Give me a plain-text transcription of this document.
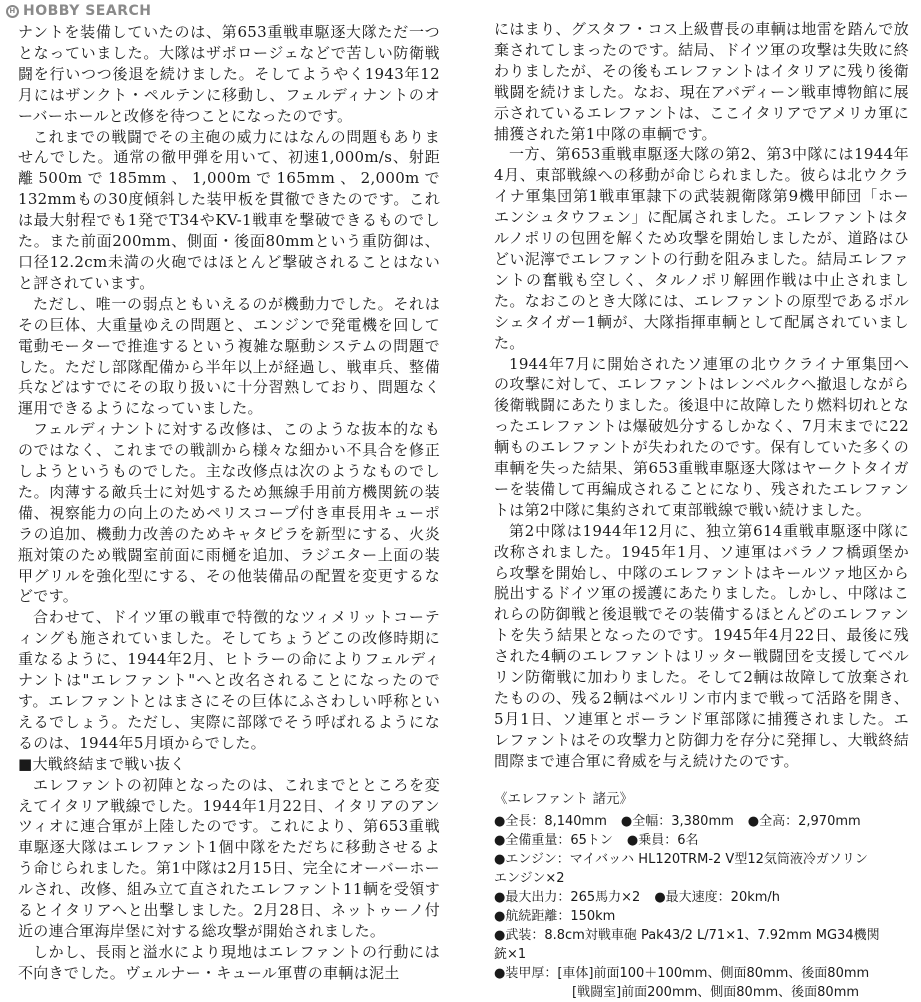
H HOBBY SEARCH

ナントを装備していたのは、第653重戦車駆逐大隊ただ一つとなっていました。大隊はザポロージェなどで苦しい防衛戦闘を行いつつ後退を続けました。そしてようやく1943年12月にはザンクト・ペルテンに移動し、フェルディナントのオーバーホールと改修を待つことになったのです。

これまでの戦闘でその主砲の威力にはなんの問題もありませんでした。通常の徹甲弾を用いて、初速1,000m/s、射距離500mで185mm、1,000mで165mm、2,000mで132mmもの30度傾斜した装甲板を貫徹できたのです。これは最大射程でも1発でT34やKV-1戦車を撃破できるものでした。また前面200mm、側面・後面80mmという重防御は、口径12.2cm未満の火砲ではほとんど撃破されることはないと評されています。

ただし、唯一の弱点ともいえるのが機動力でした。それはその巨体、大重量ゆえの問題と、エンジンで発電機を回して電動モーターで推進するという複雑な駆動システムの問題でした。ただし部隊配備から半年以上が経過し、戦車兵、整備兵などはすでにその取り扱いに十分習熟しており、問題なく運用できるようになっていました。

フェルディナントに対する改修は、このような抜本的なものではなく、これまでの戦訓から様々な細かい不具合を修正しようというものでした。主な改修点は次のようなものでした。肉薄する敵兵士に対処するため無線手用前方機関銃の装備、視察能力の向上のためペリスコープ付き車長用キューポラの追加、機動力改善のためキャタピラを新型にする、火炎瓶対策のため戦闘室前面に雨樋を追加、ラジエター上面の装甲グリルを強化型にする、その他装備品の配置を変更するなどです。

合わせて、ドイツ軍の戦車で特徴的なツィメリットコーティングも施されていました。そしてちょうどこの改修時期に重なるように、1944年2月、ヒトラーの命によりフェルディナントは"エレファント"へと改名されることになったのです。エレファントとはまさにその巨体にふさわしい呼称といえるでしょう。ただし、実際に部隊でそう呼ばれるようになるのは、1944年5月頃からでした。

■大戦終結まで戦い抜く

エレファントの初陣となったのは、これまでとところを変えてイタリア戦線でした。1944年1月22日、イタリアのアンツィオに連合軍が上陸したのです。これにより、第653重戦車駆逐大隊はエレファント1個中隊をただちに移動させるよう命じられました。第1中隊は2月15日、完全にオーバーホールされ、改修、組み立て直されたエレファント11輌を受領するとイタリアへと出撃しました。2月28日、ネットゥーノ付近の連合軍海岸堡に対する総攻撃が開始されました。

しかし、長雨と溢水により現地はエレファントの行動には不向きでした。ヴェルナー・キュール軍曹の車輌は泥土

にはまり、グスタフ・コス上級曹長の車輌は地雷を踏んで放棄されてしまったのです。結局、ドイツ軍の攻撃は失敗に終わりましたが、その後もエレファントはイタリアに残り後衛戦闘を続けました。なお、現在アバディーン戦車博物館に展示されているエレファントは、ここイタリアでアメリカ軍に捕獲された第1中隊の車輌です。

一方、第653重戦車駆逐大隊の第2、第3中隊には1944年4月、東部戦線への移動が命じられました。彼らは北ウクライナ軍集団第1戦車軍隷下の武装親衛隊第9機甲師団「ホーエンシュタウフェン」に配属されました。エレファントはタルノポリの包囲を解くため攻撃を開始しましたが、道路はひどい泥濘でエレファントの行動を阻みました。結局エレファントの奮戦も空しく、タルノポリ解囲作戦は中止されました。なおこのとき大隊には、エレファントの原型であるポルシェタイガー1輌が、大隊指揮車輌として配属されていました。

1944年7月に開始されたソ連軍の北ウクライナ軍集団への攻撃に対して、エレファントはレンベルクへ撤退しながら後衛戦闘にあたりました。後退中に故障したり燃料切れとなったエレファントは爆破処分するしかなく、7月末までに22輌ものエレファントが失われたのです。保有していた多くの車輌を失った結果、第653重戦車駆逐大隊はヤークトタイガーを装備して再編成されることになり、残されたエレファントは第2中隊に集約されて東部戦線で戦い続けました。

第2中隊は1944年12月に、独立第614重戦車駆逐中隊に改称されました。1945年1月、ソ連軍はバラノフ橋頭堡から攻撃を開始し、中隊のエレファントはキールツァ地区から脱出するドイツ軍の援護にあたりました。しかし、中隊はこれらの防御戦と後退戦でその装備するほとんどのエレファントを失う結果となったのです。1945年4月22日、最後に残された4輌のエレファントはリッター戦闘団を支援してベルリン防衛戦に加わりました。そして2輌は故障して放棄されたものの、残る2輌はベルリン市内まで戦って活路を開き、5月1日、ソ連軍とポーランド軍部隊に捕獲されました。エレファントはその攻撃力と防御力を存分に発揮し、大戦終結間際まで連合軍に脅威を与え続けたのです。

《エレファント 諸元》
●全長：8,140mm ●全幅：3,380mm ●全高：2,970mm
●全備重量：65トン ●乗員：6名
●エンジン：マイバッハ HL120TRM-2 V型12気筒液冷ガソリン
エンジン×2
●最大出力：265馬力×2 ●最大速度：20km/h
●航続距離：150km
●武装：8.8cm対戦車砲 Pak43/2 L/71×1、7.92mm MG34機関
銃×1
●装甲厚：[車体]前面100＋100mm、側面80mm、後面80mm
[戦闘室]前面200mm、側面80mm、後面80mm
